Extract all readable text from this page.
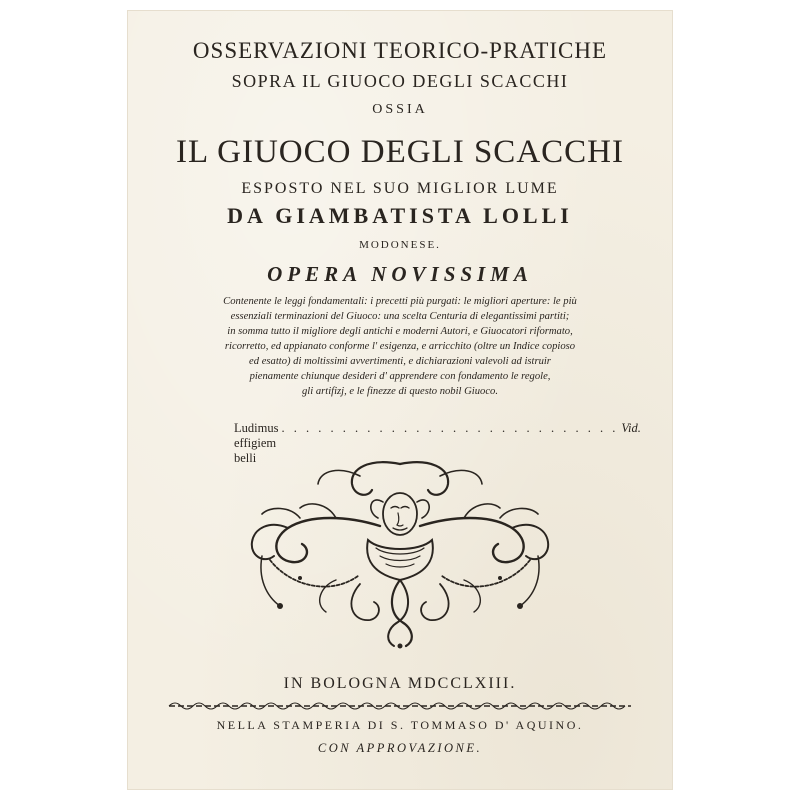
OSSERVAZIONI TEORICO-PRATICHE
SOPRA IL GIUOCO DEGLI SCACCHI
OSSIA
IL GIUOCO DEGLI SCACCHI
ESPOSTO NEL SUO MIGLIOR LUME
DA GIAMBATISTA LOLLI
MODONESE.
OPERA NOVISSIMA
Contenente le leggi fondamentali: i precetti più purgati: le migliori aperture: le più
essenziali terminazioni del Giuoco: una scelta Centuria di elegantissimi partiti;
in somma tutto il migliore degli antichi e moderni Autori, e Giuocatori riformato,
ricorretto, ed appianato conforme l' esigenza, e arricchito (oltre un Indice copioso
ed esatto) di moltissimi avvertimenti, e dichiarazioni valevoli ad istruir
pienamente chiunque desideri d' apprendere con fondamento le regole,
gli artifizj, e le finezze di questo nobil Giuoco.
Ludimus effigiem belli
. . . . . . . . . . . . . . . . . . . . . . . . . . . . Vid.
IN BOLOGNA MDCCLXIII.
NELLA STAMPERIA DI S. TOMMASO D' AQUINO.
CON APPROVAZIONE.
